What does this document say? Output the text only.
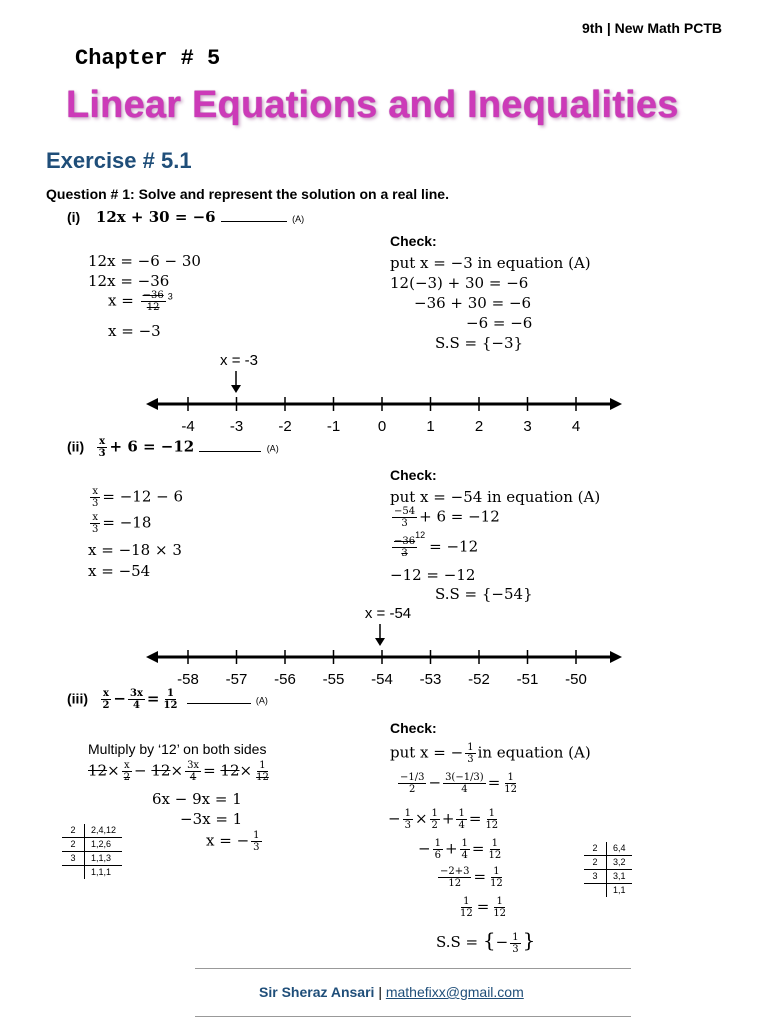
9th | New Math PCTB
Chapter # 5
Linear Equations and Inequalities
Exercise # 5.1
Question # 1: Solve and represent the solution on a real line.
(i) 12x + 30 = −6	(A)
12x = −6 − 30
12x = −36
$x = \frac{-36}{12} ^3$
x = −3
Check:
put x = −3 in equation (A)
12(−3) + 30 = −6
−36 + 30 = −6
−6 = −6
S.S = {−3}
x = -3
-4 -3 -2 -1	0	1	2	3	4
$(ii) \frac{x}{3} + 6 = -12$	(A)
$\frac{x}{3} = -12 - 6$
$\frac{x}{3} = -18$
x = −18 × 3
x = −54
Check:
put x = −54 in equation (A)
$\frac{-54}{3} + 6 = -12$
$\frac{-36}{3}$
$^{12}$= −12
−12 = −12
S.S = {−54}
x = -54
-58 -57 -56 -55 -54 -53 -52 -51 -50
$(iii) \frac{x}{2} - \frac{3x}{4} = \frac{1}{12}$	(A)
Multiply by ‘12’ on both sides
$12\times \frac{x}{2} - 12\times \frac{3x}{4} = 12\times \frac{1}{12}$
6x − 9x = 1
−3x = 1
x = − $\frac{1}{3}$
2	2,4,12
2	1,2,6
3	1,1,3
	1,1,1
Check:
put x = − $\frac{1}{3}$ in equation (A)
$\frac{-1/3}{2} - \frac{3(-1/3)}{4} = \frac{1}{12}$
− $\frac{1}{3} \times \frac{1}{2} + \frac{1}{4} = \frac{1}{12}$
− $\frac{1}{6} + \frac{1}{4} = \frac{1}{12}$
$\frac{-2+3}{12} = \frac{1}{12}$
$\frac{1}{12} = \frac{1}{12}$
S.S = {− $\frac{1}{3}$ }
2	6,4
2	3,2
3	3,1
	1,1
Sir Sheraz Ansari | mathefixx@gmail.com
